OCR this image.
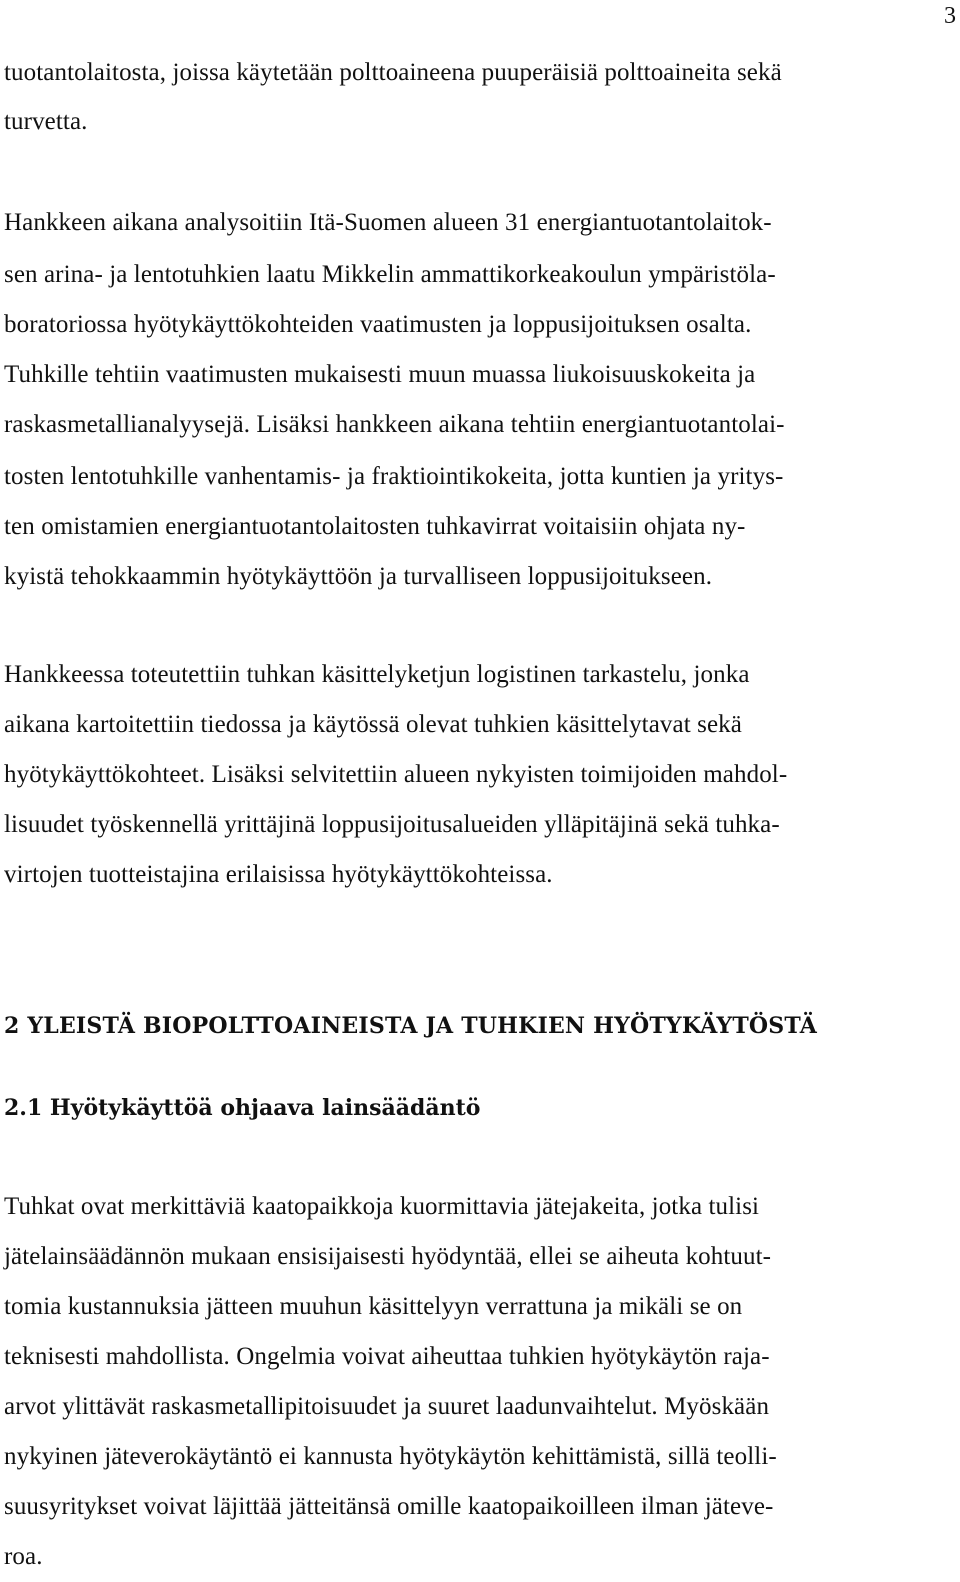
3
tuotantolaitosta, joissa käytetään polttoaineena puuperäisiä polttoaineita sekä
turvetta.
Hankkeen aikana analysoitiin Itä-Suomen alueen 31 energiantuotantolaitok-
sen arina- ja lentotuhkien laatu Mikkelin ammattikorkeakoulun ympäristöla-
boratoriossa hyötykäyttökohteiden vaatimusten ja loppusijoituksen osalta.
Tuhkille tehtiin vaatimusten mukaisesti muun muassa liukoisuuskokeita ja
raskasmetallianalyysejä. Lisäksi hankkeen aikana tehtiin energiantuotantolai-
tosten lentotuhkille vanhentamis- ja fraktiointikokeita, jotta kuntien ja yritys-
ten omistamien energiantuotantolaitosten tuhkavirrat voitaisiin ohjata ny-
kyistä tehokkaammin hyötykäyttöön ja turvalliseen loppusijoitukseen.
Hankkeessa toteutettiin tuhkan käsittelyketjun logistinen tarkastelu, jonka
aikana kartoitettiin tiedossa ja käytössä olevat tuhkien käsittelytavat sekä
hyötykäyttökohteet. Lisäksi selvitettiin alueen nykyisten toimijoiden mahdol-
lisuudet työskennellä yrittäjinä loppusijoitusalueiden ylläpitäjinä sekä tuhka-
virtojen tuotteistajina erilaisissa hyötykäyttökohteissa.
2 YLEISTÄ BIOPOLTTOAINEISTA JA TUHKIEN HYÖTYKÄYTÖSTÄ
2.1 Hyötykäyttöä ohjaava lainsäädäntö
Tuhkat ovat merkittäviä kaatopaikkoja kuormittavia jätejakeita, jotka tulisi
jätelainsäädännön mukaan ensisijaisesti hyödyntää, ellei se aiheuta kohtuut-
tomia kustannuksia jätteen muuhun käsittelyyn verrattuna ja mikäli se on
teknisesti mahdollista. Ongelmia voivat aiheuttaa tuhkien hyötykäytön raja-
arvot ylittävät raskasmetallipitoisuudet ja suuret laadunvaihtelut. Myöskään
nykyinen jäteverokäytäntö ei kannusta hyötykäytön kehittämistä, sillä teolli-
suusyritykset voivat läjittää jätteitänsä omille kaatopaikoilleen ilman jäteve-
roa.
